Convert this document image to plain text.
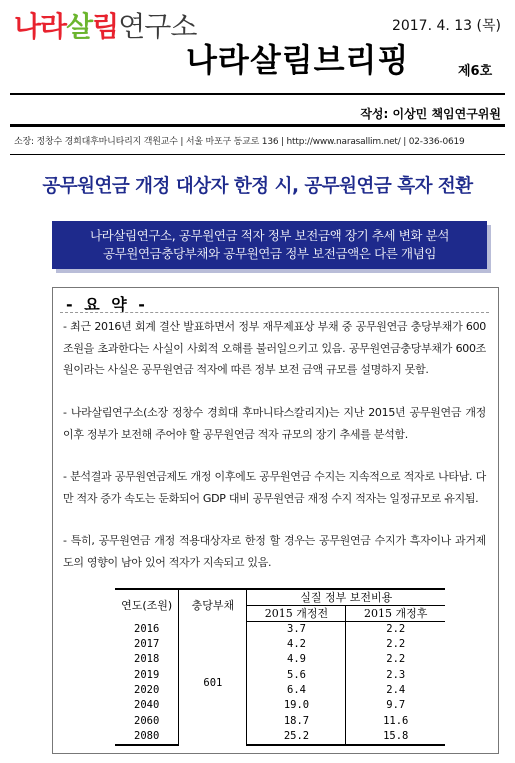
나라살림연구소	2017. 4. 13 (목)
나라살림브리핑	제6호
작성: 이상민 책임연구위원
소장: 정창수 경희대후마니타리지 객원교수 | 서울 마포구 동교로 136 | http://www.narasallim.net/ | 02-336-0619
공무원연금 개정 대상자 한정 시, 공무원연금 흑자 전환
나라살림연구소, 공무원연금 적자 정부 보전금액 장기 추세 변화 분석
공무원연금충당부채와 공무원연금 정부 보전금액은 다른 개념임
- 요 약 -
- 최근 2016년 회계 결산 발표하면서 정부 재무제표상 부채 중 공무원연금 충당부채가 600조원을 초과한다는 사실이 사회적 오해를 불러일으키고 있음. 공무원연금충당부채가 600조원이라는 사실은 공무원연금 적자에 따른 정부 보전 금액 규모를 설명하지 못함.
- 나라살림연구소(소장 정창수 경희대 후마니타스칼리지)는 지난 2015년 공무원연금 개정 이후 정부가 보전해 주어야 할 공무원연금 적자 규모의 장기 추세를 분석함.
- 분석결과 공무원연금제도 개정 이후에도 공무원연금 수지는 지속적으로 적자로 나타남. 다만 적자 증가 속도는 둔화되어 GDP 대비 공무원연금 재정 수지 적자는 일정규모로 유지됨.
- 특히, 공무원연금 개정 적용대상자로 한정 할 경우는 공무원연금 수지가 흑자이나 과거제도의 영향이 남아 있어 적자가 지속되고 있음.
연도(조원)	충당부채	실질 정부 보전비용	
		2015 개정전	2015 개정후
2016	601	3.7	2.2
2017		4.2	2.2
2018		4.9	2.2
2019		5.6	2.3
2020		6.4	2.4
2040		19.0	9.7
2060		18.7	11.6
2080		25.2	15.8
